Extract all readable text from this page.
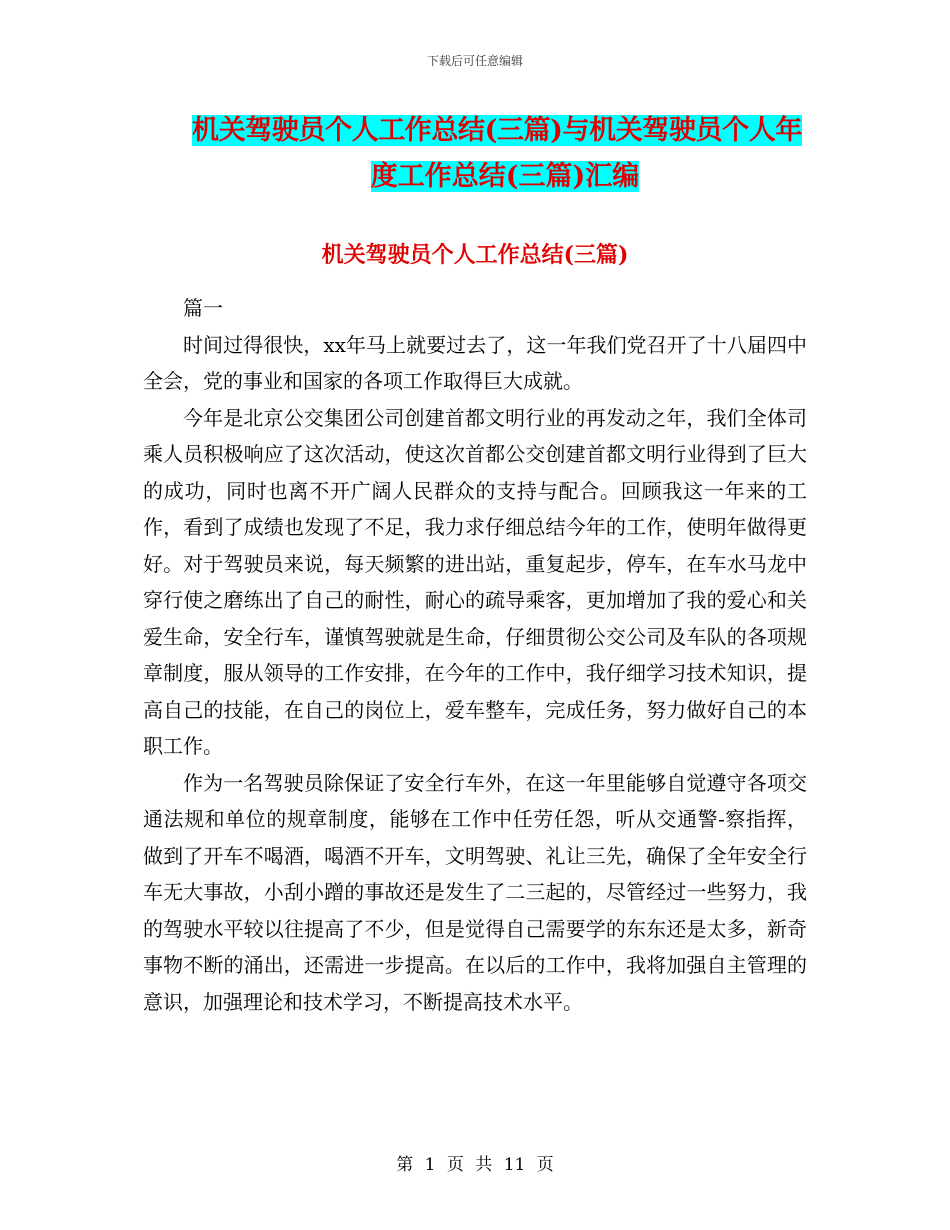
下载后可任意编辑
机关驾驶员个人工作总结(三篇)与机关驾驶员个人年
度工作总结(三篇)汇编
机关驾驶员个人工作总结(三篇)

篇一

时间过得很快，xx年马上就要过去了，这一年我们党召开了十八届四中全会，党的事业和国家的各项工作取得巨大成就。

今年是北京公交集团公司创建首都文明行业的再发动之年，我们全体司乘人员积极响应了这次活动，使这次首都公交创建首都文明行业得到了巨大的成功，同时也离不开广阔人民群众的支持与配合。回顾我这一年来的工作，看到了成绩也发现了不足，我力求仔细总结今年的工作，使明年做得更好。对于驾驶员来说，每天频繁的进出站，重复起步，停车，在车水马龙中穿行使之磨练出了自己的耐性，耐心的疏导乘客，更加增加了我的爱心和关爱生命，安全行车，谨慎驾驶就是生命，仔细贯彻公交公司及车队的各项规章制度，服从领导的工作安排，在今年的工作中，我仔细学习技术知识，提高自己的技能，在自己的岗位上，爱车整车，完成任务，努力做好自己的本职工作。

作为一名驾驶员除保证了安全行车外，在这一年里能够自觉遵守各项交通法规和单位的规章制度，能够在工作中任劳任怨，听从交通警-察指挥，做到了开车不喝酒，喝酒不开车，文明驾驶、礼让三先，确保了全年安全行车无大事故，小刮小蹭的事故还是发生了二三起的，尽管经过一些努力，我的驾驶水平较以往提高了不少，但是觉得自己需要学的东东还是太多，新奇事物不断的涌出，还需进一步提高。在以后的工作中，我将加强自主管理的意识，加强理论和技术学习，不断提高技术水平。

第 1 页 共 11 页
